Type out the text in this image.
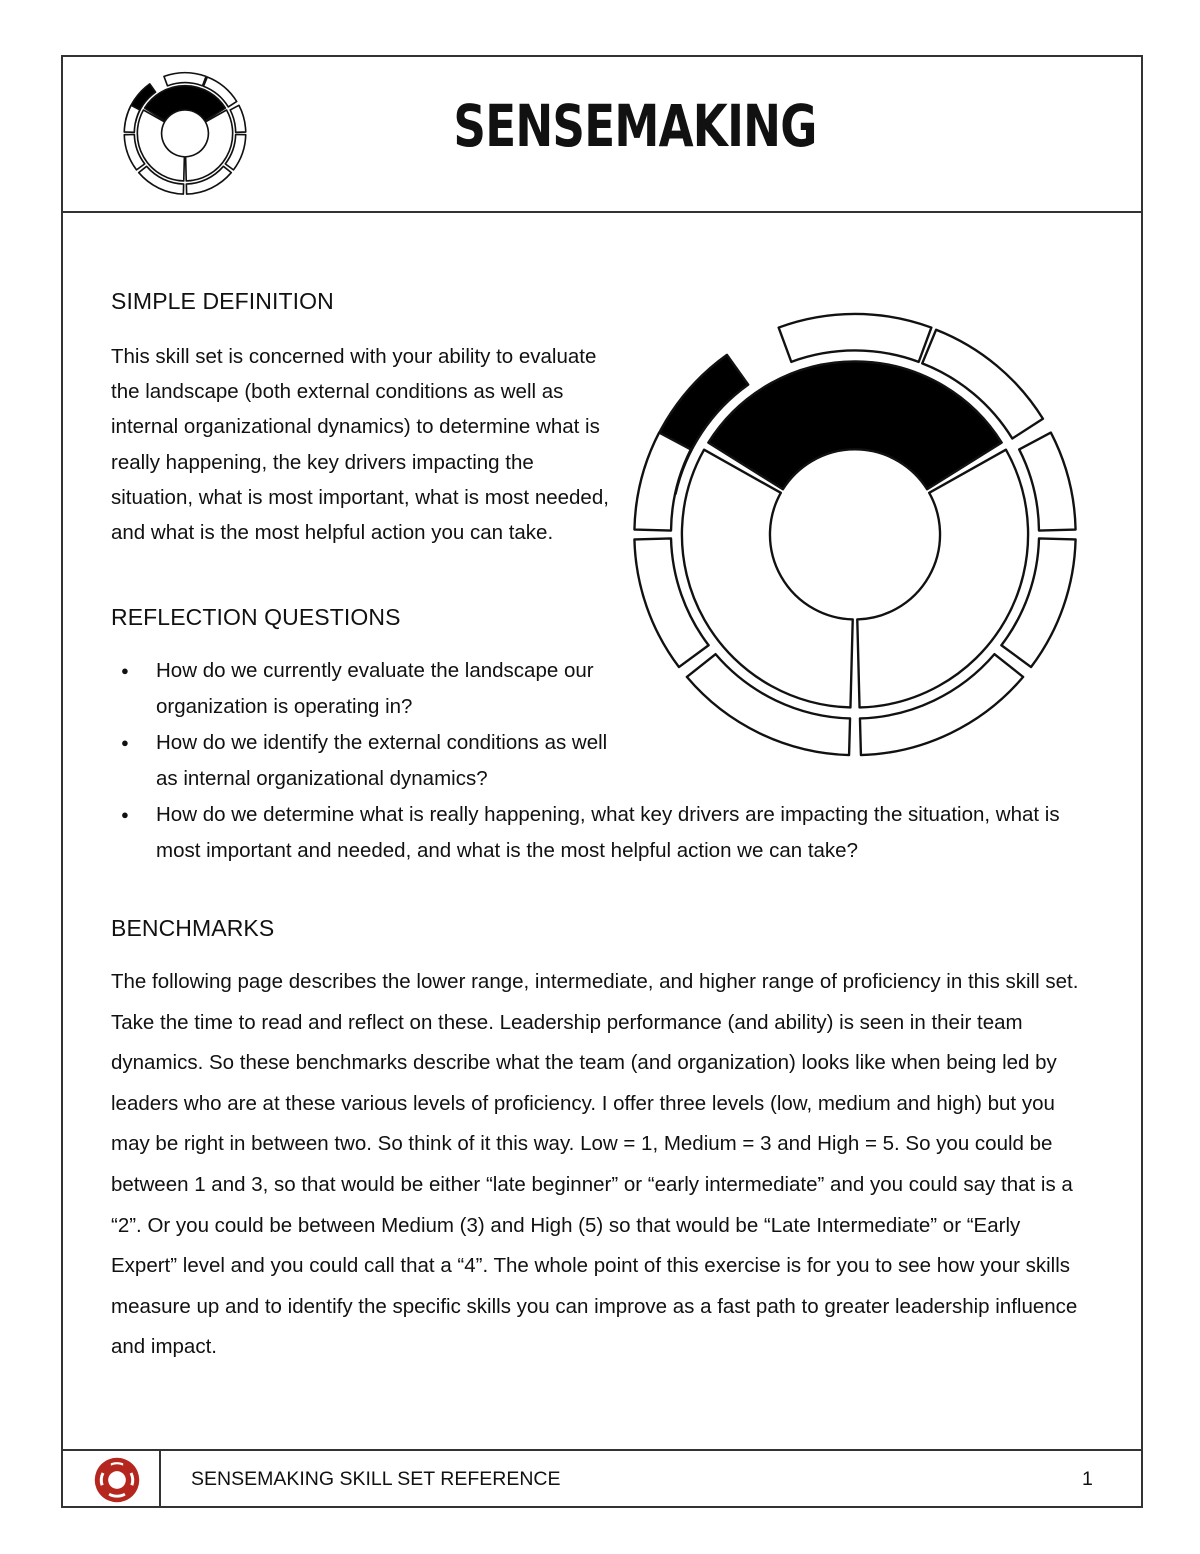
SENSEMAKING
SIMPLE DEFINITION

This skill set is concerned with your ability to evaluate the landscape (both external conditions as well as internal organizational dynamics) to determine what is really happening, the key drivers impacting the situation, what is most important, what is most needed, and what is the most helpful action you can take.

REFLECTION QUESTIONS
● How do we currently evaluate the landscape our organization is operating in?
● How do we identify the external conditions as well as internal organizational dynamics?
● How do we determine what is really happening, what key drivers are impacting the situation, what is most important and needed, and what is the most helpful action we can take?
BENCHMARKS

The following page describes the lower range, intermediate, and higher range of proficiency in this skill set. Take the time to read and reflect on these. Leadership performance (and ability) is seen in their team dynamics. So these benchmarks describe what the team (and organization) looks like when being led by leaders who are at these various levels of proficiency. I offer three levels (low, medium and high) but you may be right in between two. So think of it this way. Low = 1, Medium = 3 and High = 5. So you could be between 1 and 3, so that would be either “late beginner” or “early intermediate” and you could say that is a “2”. Or you could be between Medium (3) and High (5) so that would be “Late Intermediate” or “Early Expert” level and you could call that a “4”. The whole point of this exercise is for you to see how your skills measure up and to identify the specific skills you can improve as a fast path to greater leadership influence and impact.

SENSEMAKING SKILL SET REFERENCE	1
